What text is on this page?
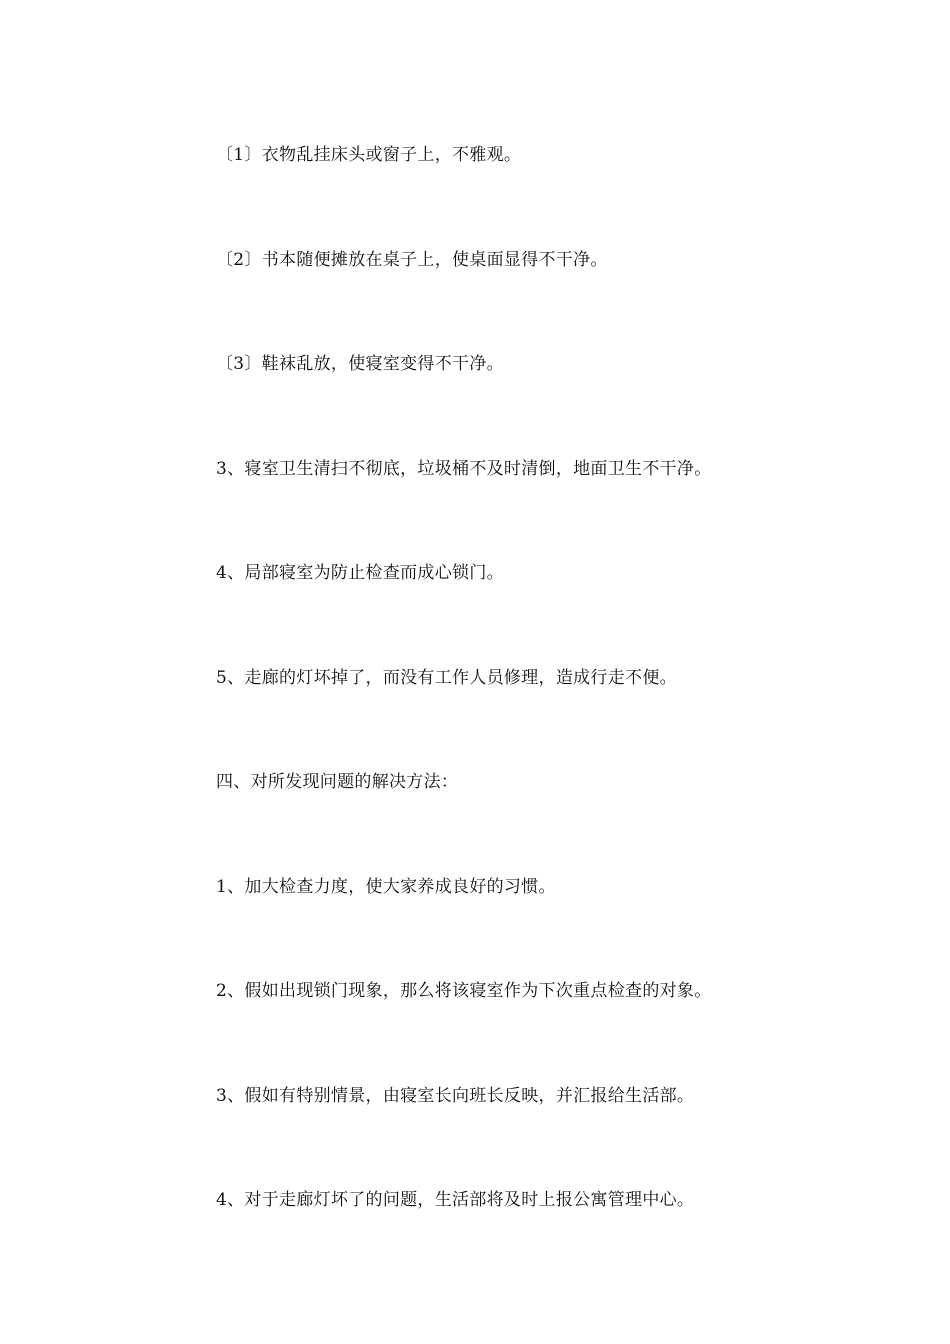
〔1〕衣物乱挂床头或窗子上，不雅观。

〔2〕书本随便摊放在桌子上，使桌面显得不干净。

〔3〕鞋袜乱放，使寝室变得不干净。

3、寝室卫生清扫不彻底，垃圾桶不及时清倒，地面卫生不干净。

4、局部寝室为防止检查而成心锁门。

5、走廊的灯坏掉了，而没有工作人员修理，造成行走不便。

四、对所发现问题的解决方法：

1、加大检查力度，使大家养成良好的习惯。

2、假如出现锁门现象，那么将该寝室作为下次重点检查的对象。

3、假如有特别情景，由寝室长向班长反映，并汇报给生活部。

4、对于走廊灯坏了的问题，生活部将及时上报公寓管理中心。
